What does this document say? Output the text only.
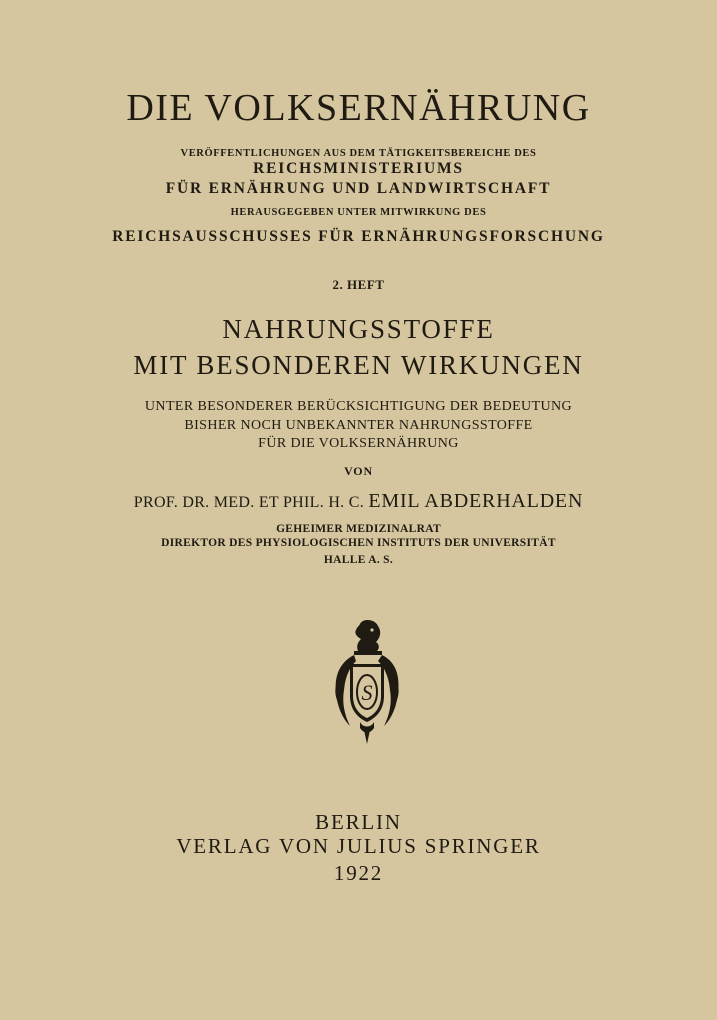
DIE VOLKSERNÄHRUNG
VERÖFFENTLICHUNGEN AUS DEM TÄTIGKEITSBEREICHE DES
REICHSMINISTERIUMS
FÜR ERNÄHRUNG UND LANDWIRTSCHAFT
HERAUSGEGEBEN UNTER MITWIRKUNG DES
REICHSAUSSCHUSSES FÜR ERNÄHRUNGSFORSCHUNG
2. HEFT
NAHRUNGSSTOFFE
MIT BESONDEREN WIRKUNGEN
UNTER BESONDERER BERÜCKSICHTIGUNG DER BEDEUTUNG
BISHER NOCH UNBEKANNTER NAHRUNGSSTOFFE
FÜR DIE VOLKSERNÄHRUNG
VON
PROF. DR. MED. ET PHIL. H. C. EMIL ABDERHALDEN
GEHEIMER MEDIZINALRAT
DIREKTOR DES PHYSIOLOGISCHEN INSTITUTS DER UNIVERSITÄT
HALLE A. S.
S
BERLIN
VERLAG VON JULIUS SPRINGER
1922
